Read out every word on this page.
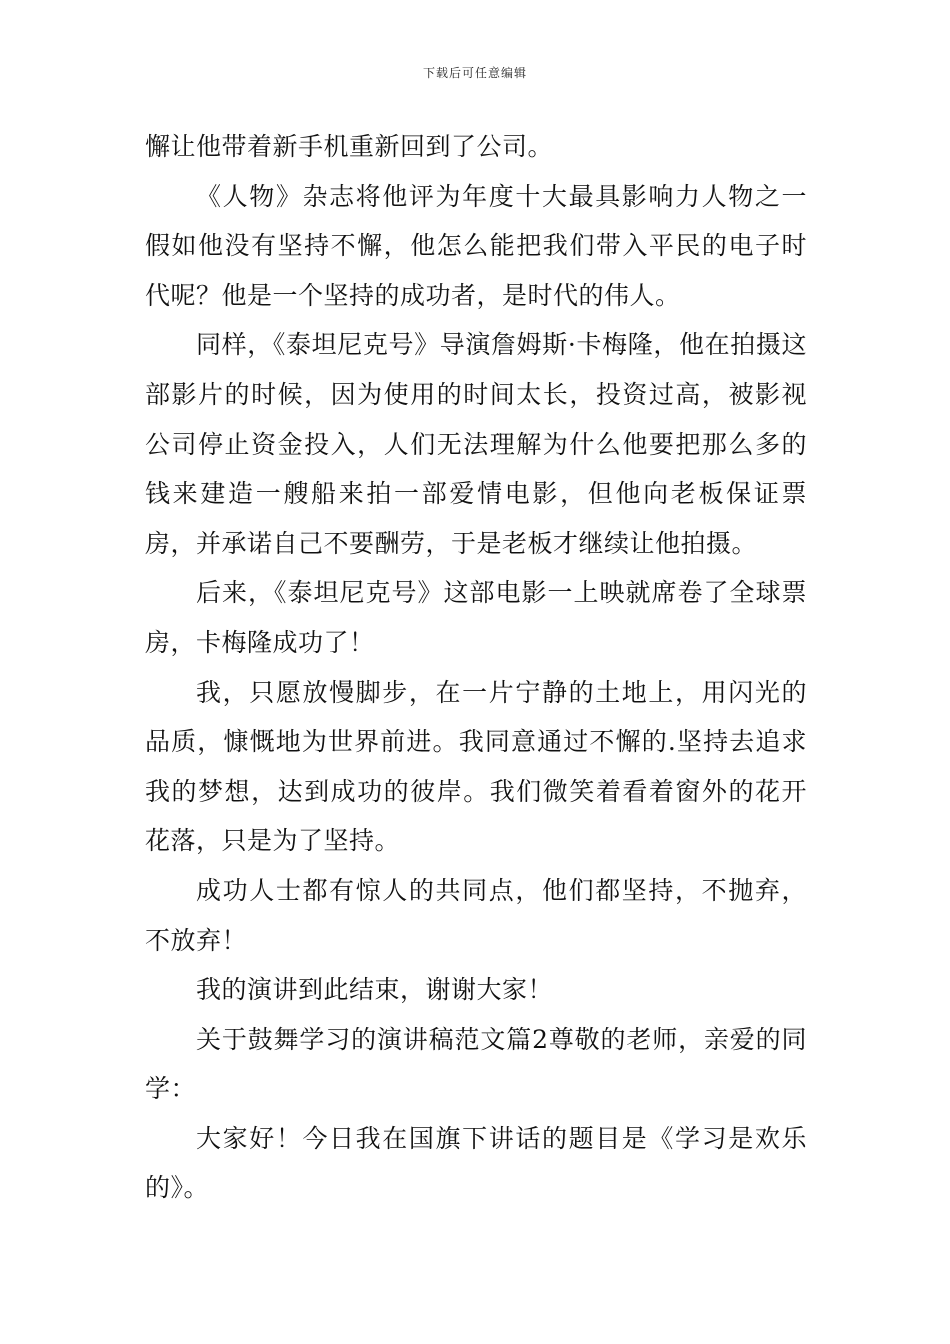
下载后可任意编辑

懈让他带着新手机重新回到了公司。

《人物》杂志将他评为年度十大最具影响力人物之一假如他没有坚持不懈，他怎么能把我们带入平民的电子时代呢？他是一个坚持的成功者，是时代的伟人。

同样，《泰坦尼克号》导演詹姆斯·卡梅隆，他在拍摄这部影片的时候，因为使用的时间太长，投资过高，被影视公司停止资金投入，人们无法理解为什么他要把那么多的钱来建造一艘船来拍一部爱情电影，但他向老板保证票房，并承诺自己不要酬劳，于是老板才继续让他拍摄。

后来，《泰坦尼克号》这部电影一上映就席卷了全球票房，卡梅隆成功了！

我，只愿放慢脚步，在一片宁静的土地上，用闪光的品质，慷慨地为世界前进。我同意通过不懈的.坚持去追求我的梦想，达到成功的彼岸。我们微笑着看着窗外的花开花落，只是为了坚持。

成功人士都有惊人的共同点，他们都坚持，不抛弃，不放弃！

我的演讲到此结束，谢谢大家！

关于鼓舞学习的演讲稿范文篇2尊敬的老师，亲爱的同学：

大家好！今日我在国旗下讲话的题目是《学习是欢乐的》。
